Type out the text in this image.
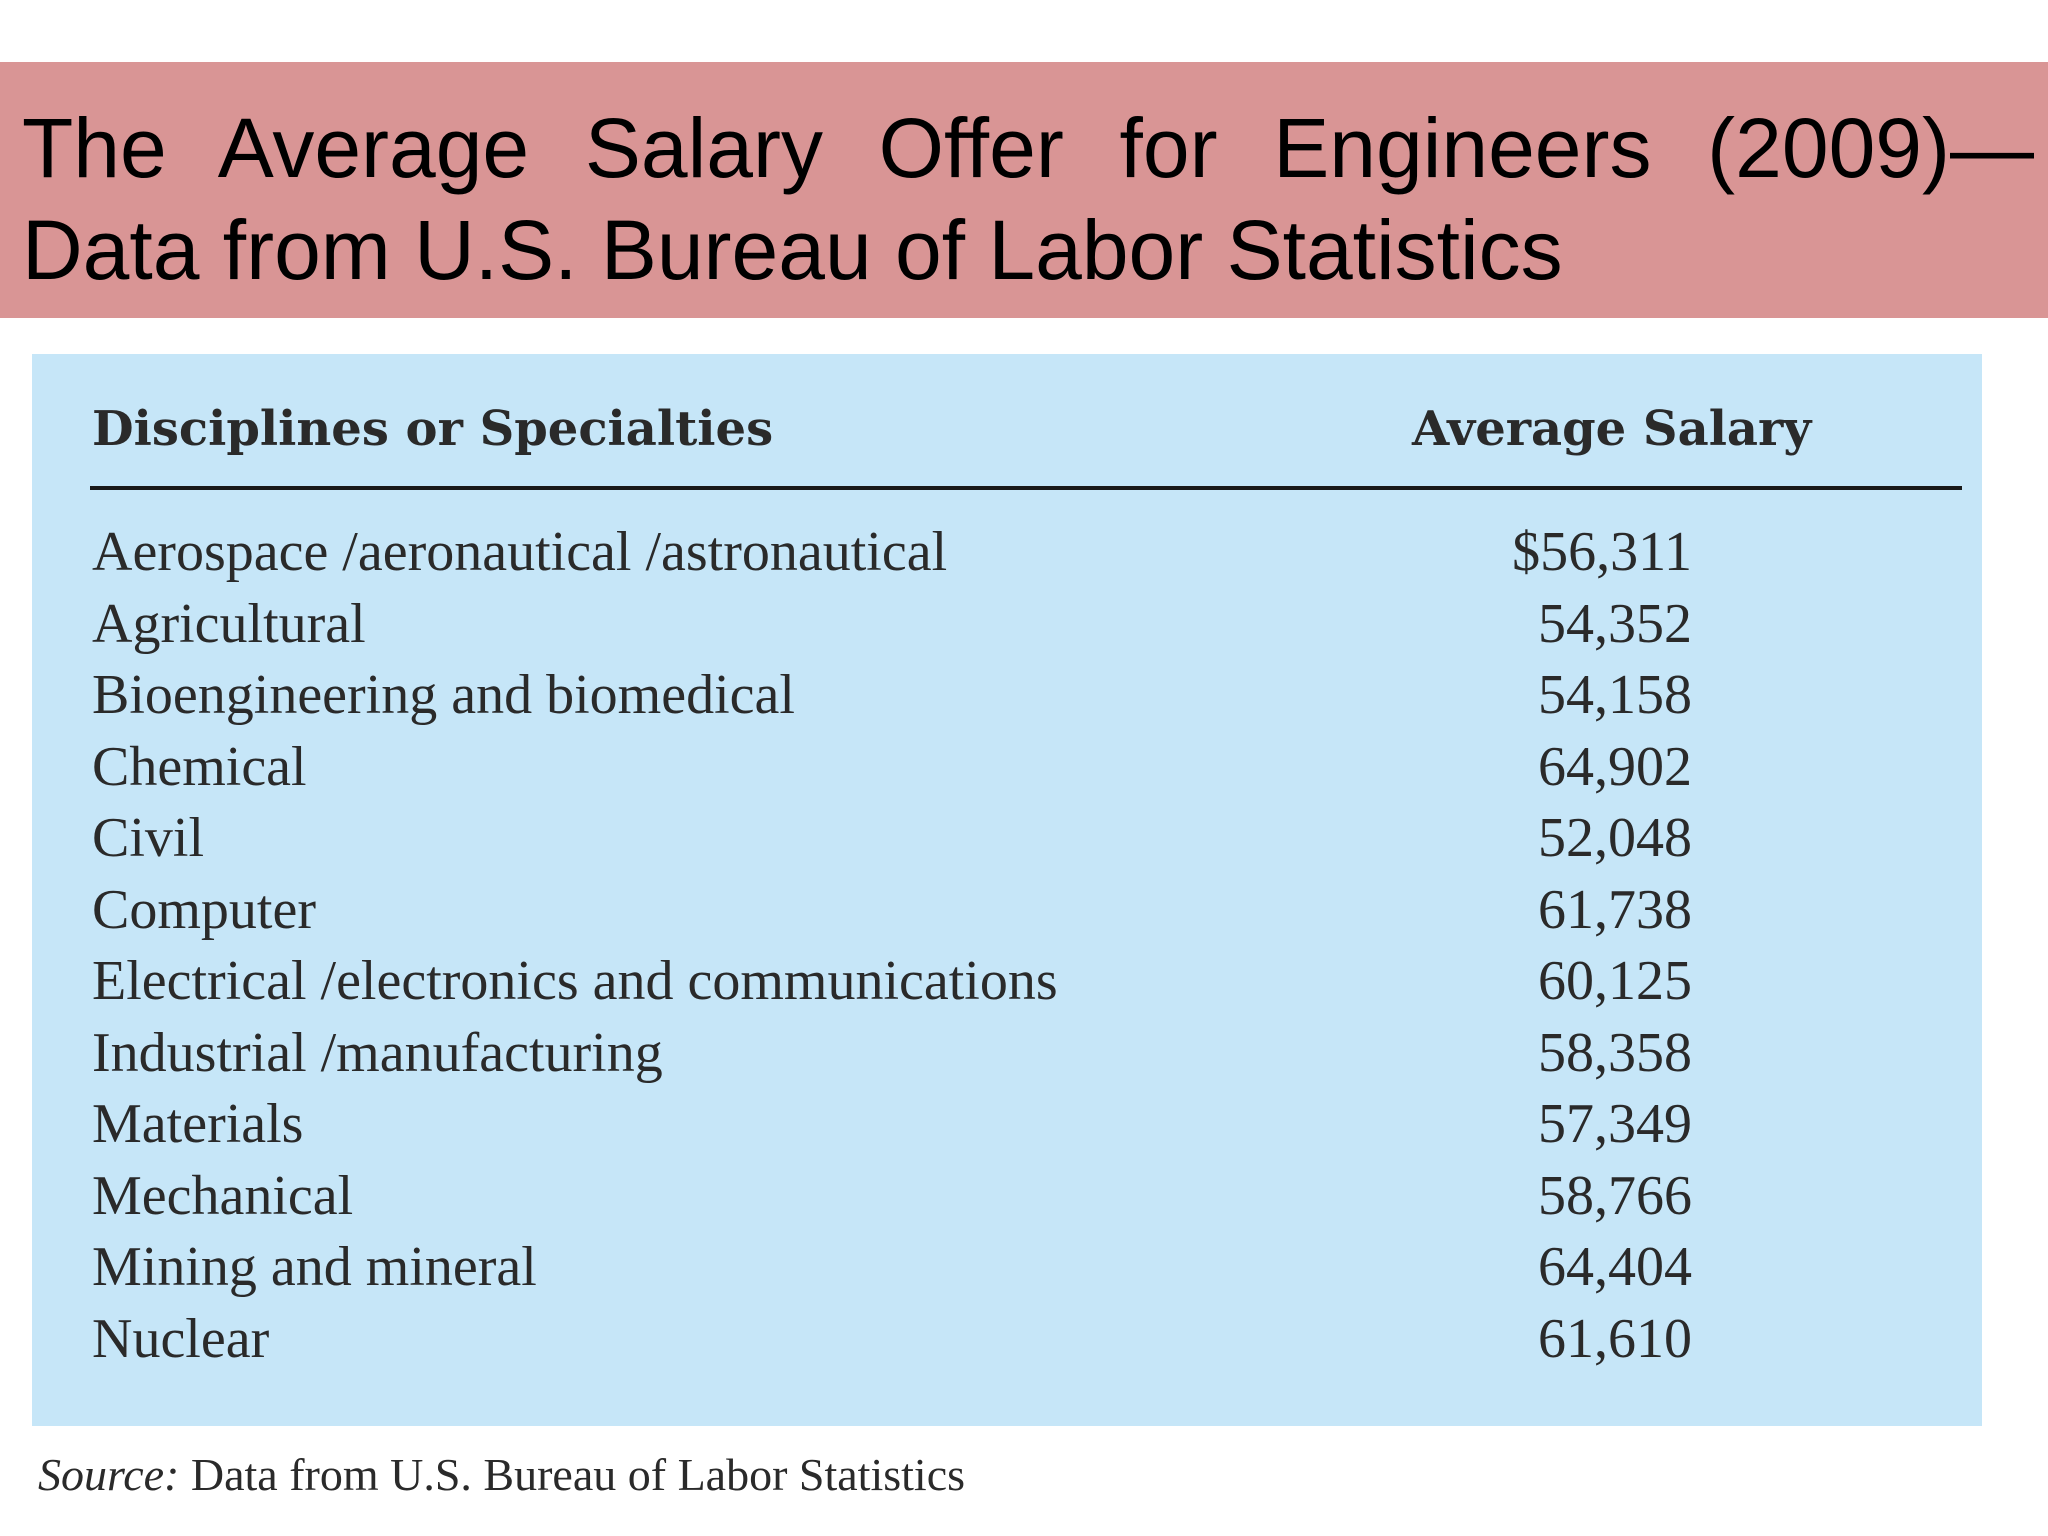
The Average Salary Offer for Engineers (2009)—
Data from U.S. Bureau of Labor Statistics
Disciplines or Specialties	Average Salary
Aerospace /aeronautical /astronautical	$56,311
Agricultural	54,352
Bioengineering and biomedical	54,158
Chemical	64,902
Civil	52,048
Computer	61,738
Electrical /electronics and communications	60,125
Industrial /manufacturing	58,358
Materials	57,349
Mechanical	58,766
Mining and mineral	64,404
Nuclear	61,610
Source: Data from U.S. Bureau of Labor Statistics
